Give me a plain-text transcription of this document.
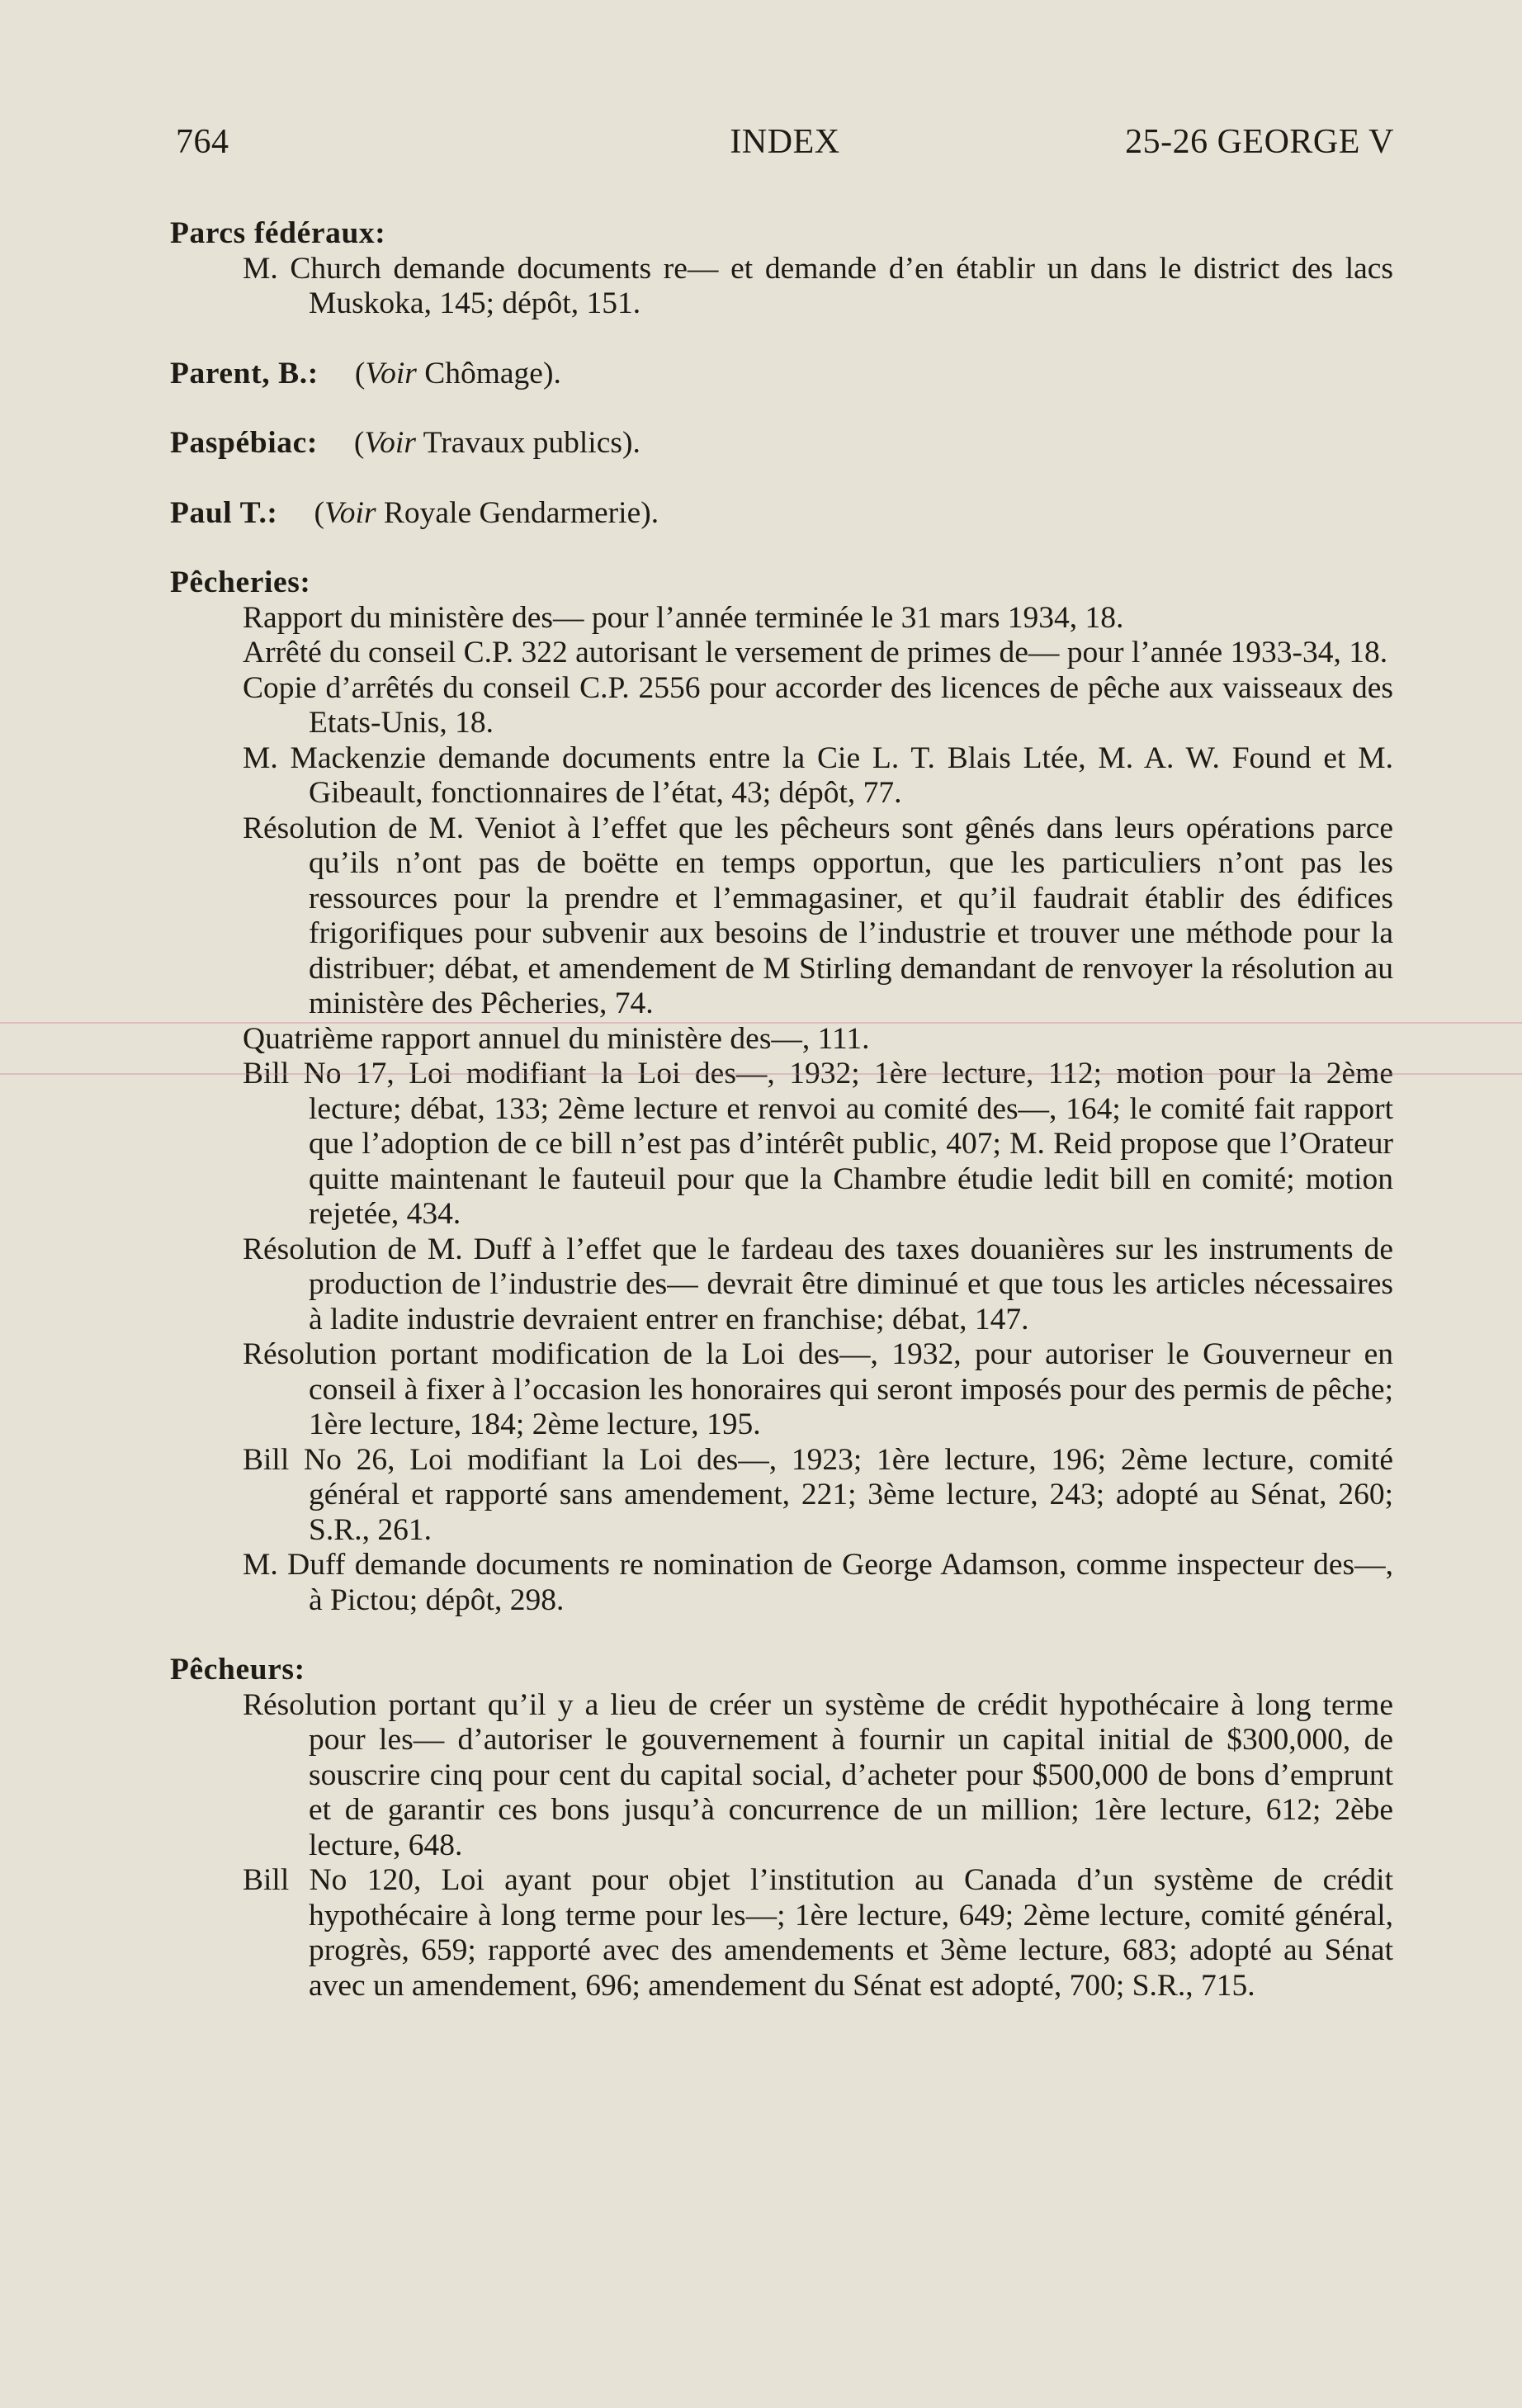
764	INDEX	25-26 GEORGE V
Parcs fédéraux:
M. Church demande documents re— et demande d’en établir un dans le district des lacs Muskoka, 145; dépôt, 151.
Parent, B.: (Voir Chômage).
Paspébiac: (Voir Travaux publics).
Paul T.: (Voir Royale Gendarmerie).
Pêcheries:
Rapport du ministère des— pour l’année terminée le 31 mars 1934, 18.
Arrêté du conseil C.P. 322 autorisant le versement de primes de— pour l’année 1933-34, 18.
Copie d’arrêtés du conseil C.P. 2556 pour accorder des licences de pêche aux vaisseaux des Etats-Unis, 18.
M. Mackenzie demande documents entre la Cie L. T. Blais Ltée, M. A. W. Found et M. Gibeault, fonctionnaires de l’état, 43; dépôt, 77.
Résolution de M. Veniot à l’effet que les pêcheurs sont gênés dans leurs opérations parce qu’ils n’ont pas de boëtte en temps opportun, que les particuliers n’ont pas les ressources pour la prendre et l’emmagasiner, et qu’il faudrait établir des édifices frigorifiques pour subvenir aux besoins de l’industrie et trouver une méthode pour la distribuer; débat, et amendement de M Stirling demandant de renvoyer la résolution au ministère des Pêcheries, 74.
Quatrième rapport annuel du ministère des—, 111.
Bill No 17, Loi modifiant la Loi des—, 1932; 1ère lecture, 112; motion pour la 2ème lecture; débat, 133; 2ème lecture et renvoi au comité des—, 164; le comité fait rapport que l’adoption de ce bill n’est pas d’intérêt public, 407; M. Reid propose que l’Orateur quitte maintenant le fauteuil pour que la Chambre étudie ledit bill en comité; motion rejetée, 434.
Résolution de M. Duff à l’effet que le fardeau des taxes douanières sur les instruments de production de l’industrie des— devrait être diminué et que tous les articles nécessaires à ladite industrie devraient entrer en franchise; débat, 147.
Résolution portant modification de la Loi des—, 1932, pour autoriser le Gouverneur en conseil à fixer à l’occasion les honoraires qui seront imposés pour des permis de pêche; 1ère lecture, 184; 2ème lecture, 195.
Bill No 26, Loi modifiant la Loi des—, 1923; 1ère lecture, 196; 2ème lecture, comité général et rapporté sans amendement, 221; 3ème lecture, 243; adopté au Sénat, 260; S.R., 261.
M. Duff demande documents re nomination de George Adamson, comme inspecteur des—, à Pictou; dépôt, 298.
Pêcheurs:
Résolution portant qu’il y a lieu de créer un système de crédit hypothécaire à long terme pour les— d’autoriser le gouvernement à fournir un capital initial de $300,000, de souscrire cinq pour cent du capital social, d’acheter pour $500,000 de bons d’emprunt et de garantir ces bons jusqu’à concurrence de un million; 1ère lecture, 612; 2èbe lecture, 648.
Bill No 120, Loi ayant pour objet l’institution au Canada d’un système de crédit hypothécaire à long terme pour les—; 1ère lecture, 649; 2ème lecture, comité général, progrès, 659; rapporté avec des amendements et 3ème lecture, 683; adopté au Sénat avec un amendement, 696; amendement du Sénat est adopté, 700; S.R., 715.
